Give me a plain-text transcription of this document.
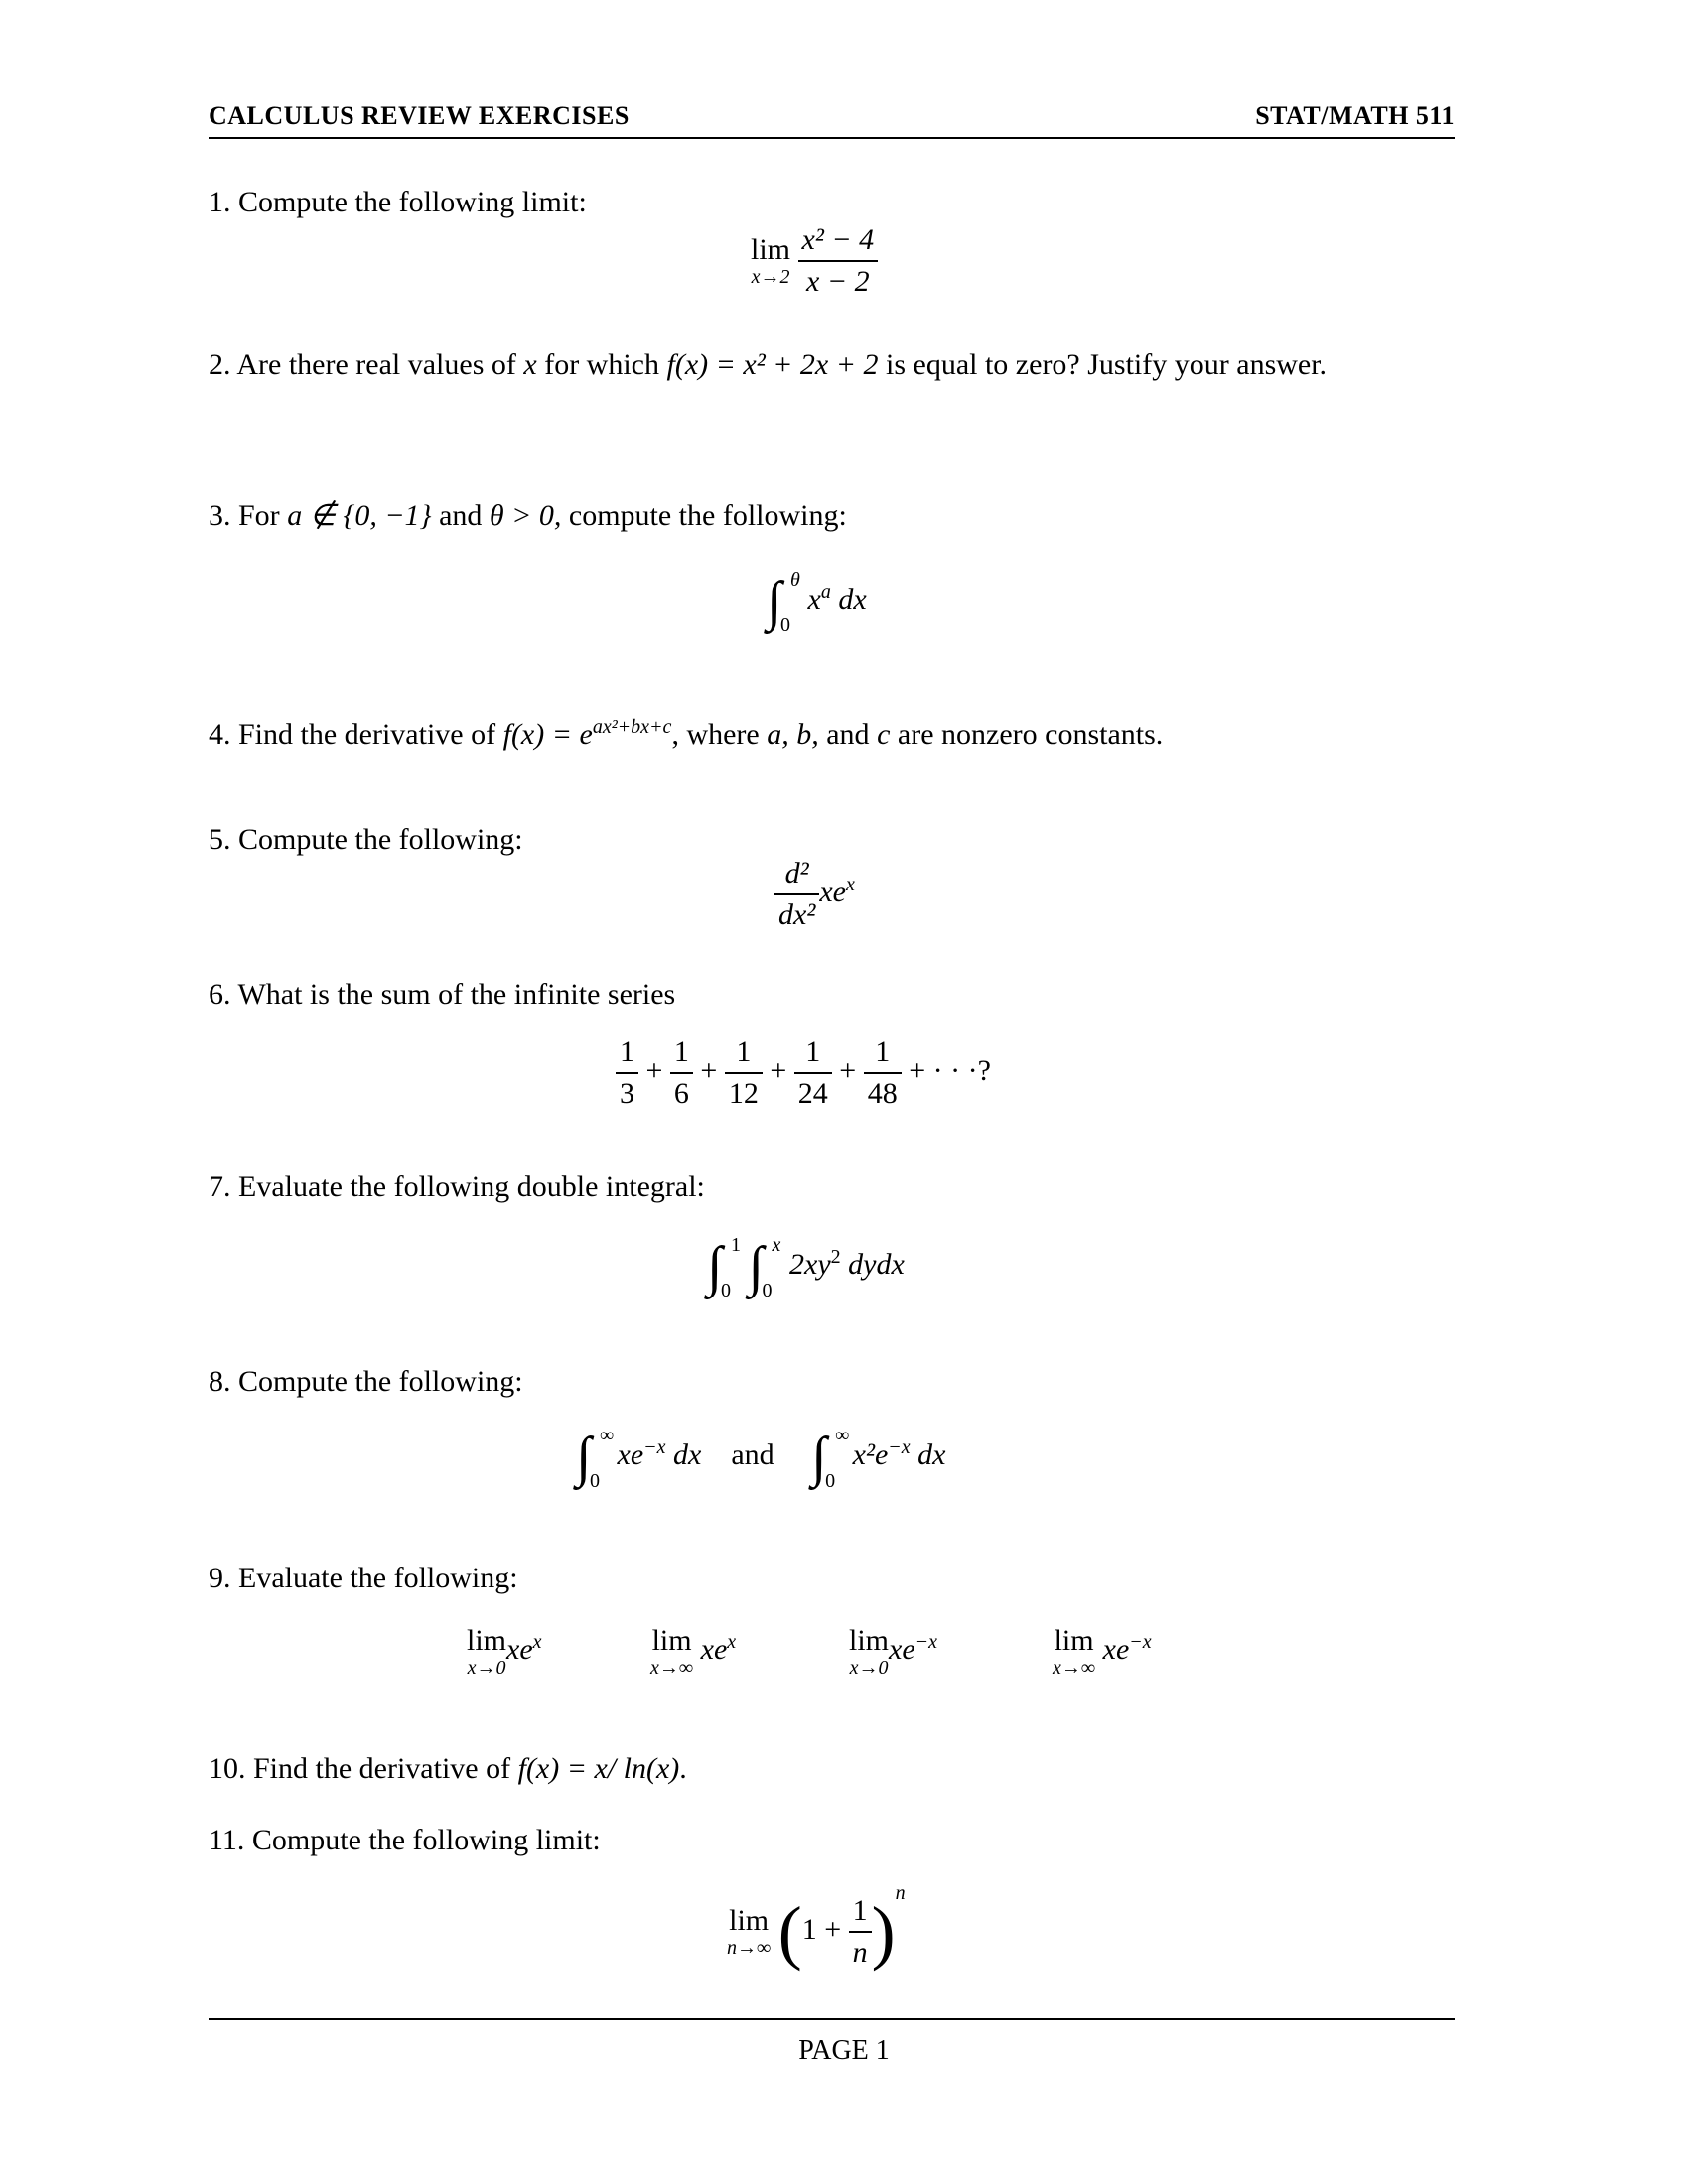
CALCULUS REVIEW EXERCISES	STAT/MATH 511
1. Compute the following limit:
lim
x→2
$\frac{\text{x² − 4}}{x - 2}$
2. Are there real values of x for which f(x) = x² + 2x + 2 is equal to zero? Justify your answer.
3. For a ∉ {0, −1} and θ > 0, compute the following:
∫ θ
0
$x^a$ dx
4. Find the derivative of $f(x) = e^{ax^2+bx+c}$, where a, b, and c are nonzero constants.
5. Compute the following:
$\frac{\text{d²}}{\text{dx²}} xe^x$
6. What is the sum of the infinite series
$\frac{1}{3} + \frac{1}{6} + \frac{1}{12} + \frac{1}{24} + \frac{1}{48}$ + · · ·?
7. Evaluate the following double integral:
∫ 1
0 ∫ x
0
$2xy^2$ dydx
8. Compute the following:
∫ ∞
0
$xe^{-x}$ dx and ∫ ∞
0
$x^2e^{-x}$ dx
9. Evaluate the following:
lim
x→0
$xe^x$	lim
x→∞
$xe^x$	lim
x→0
$xe^{-x}$	lim
x→∞
$xe^{-x}$
10. Find the derivative of f(x) = x/ ln(x).
11. Compute the following limit:
lim
n→∞ $(1 + \frac{1}{n} )^n$
PAGE 1
